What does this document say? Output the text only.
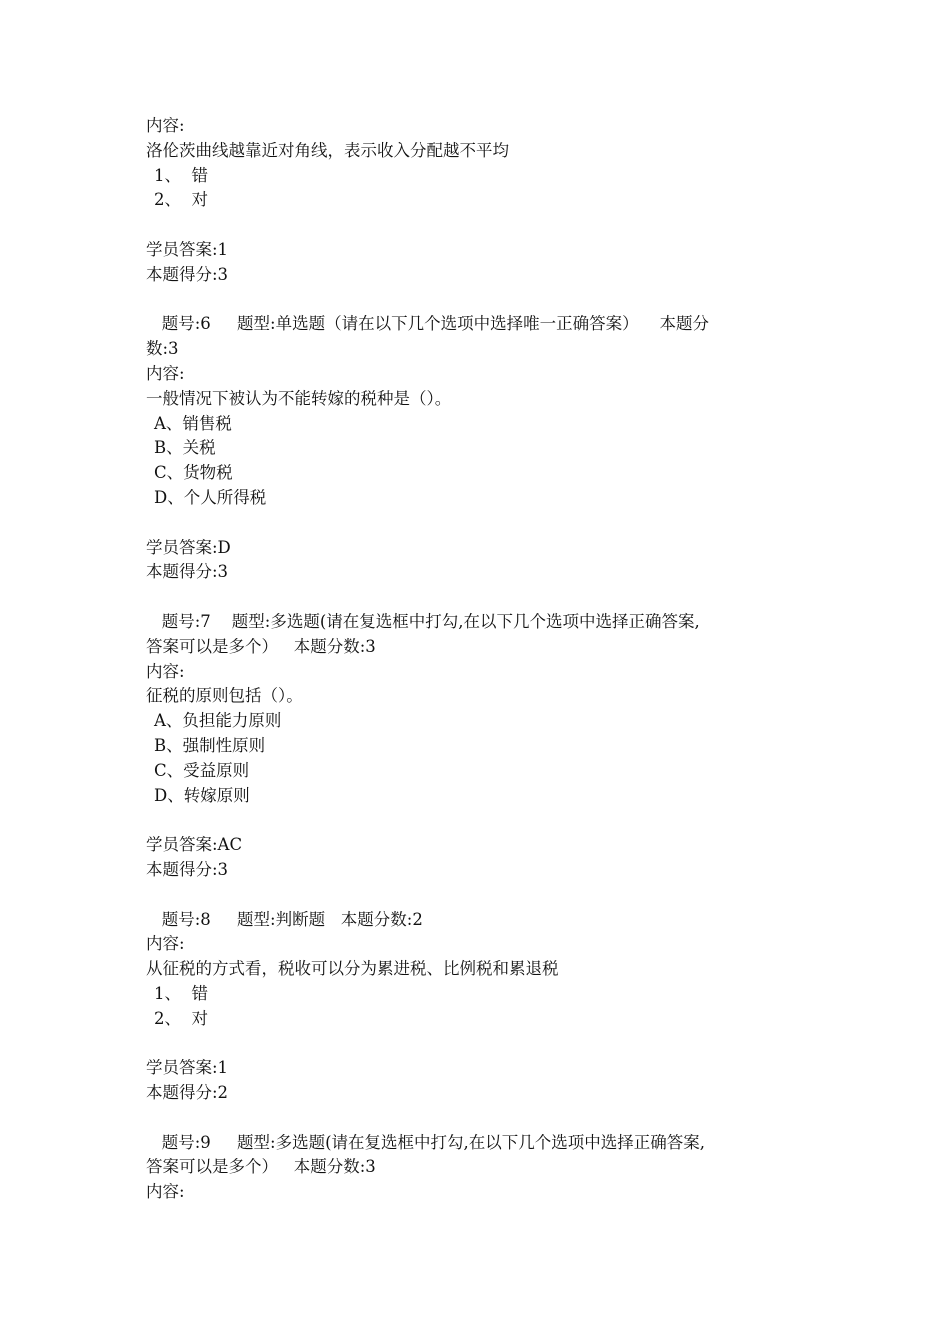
内容:
洛伦茨曲线越靠近对角线，表示收入分配越不平均
1、  错
2、  对
学员答案:1
本题得分:3
题号:6     题型:单选题（请在以下几个选项中选择唯一正确答案）    本题分
数:3
内容:
一般情况下被认为不能转嫁的税种是（）。
A、销售税
B、关税
C、货物税
D、个人所得税
学员答案:D
本题得分:3
题号:7    题型:多选题(请在复选框中打勾,在以下几个选项中选择正确答案,
答案可以是多个）   本题分数:3
内容:
征税的原则包括（）。
A、负担能力原则
B、强制性原则
C、受益原则
D、转嫁原则
学员答案:AC
本题得分:3
题号:8     题型:判断题   本题分数:2
内容:
从征税的方式看，税收可以分为累进税、比例税和累退税
1、  错
2、  对
学员答案:1
本题得分:2
题号:9     题型:多选题(请在复选框中打勾,在以下几个选项中选择正确答案,
答案可以是多个）   本题分数:3
内容:
